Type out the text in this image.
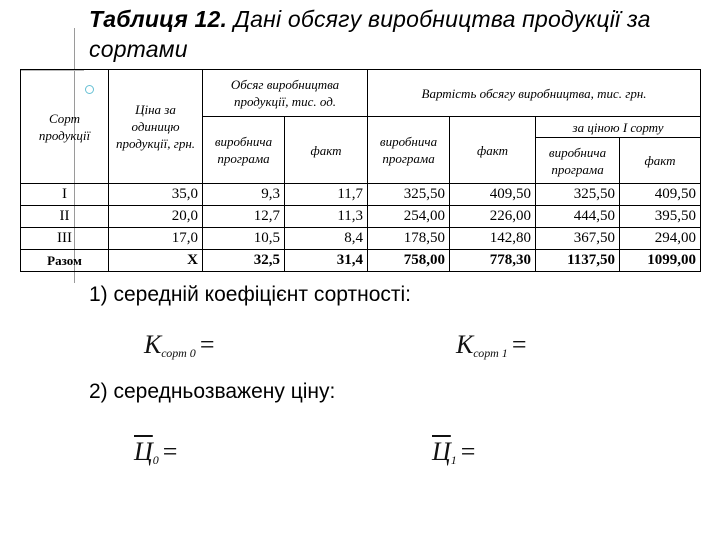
Таблиця 12. Дані обсягу виробництва продукції за сортами
Сорт продукції	Ціна за одиницю продукції, грн.	Обсяг виробництва продукції, тис. од.		Вартість обсягу виробництва, тис. грн.			
		виробнича програма	факт	виробнича програма	факт	за ціною I сорту	
						виробнича програма	факт
I	35,0	9,3	11,7	325,50	409,50	325,50	409,50
II	20,0	12,7	11,3	254,00	226,00	444,50	395,50
III	17,0	10,5	8,4	178,50	142,80	367,50	294,00
Разом	Х	32,5	31,4	758,00	778,30	1137,50	1099,00
1) середній коефіцієнт сортності:
$К_{сорт 0}$ =	$К_{сорт 1}$ =
2) середньозважену ціну:
$Ц_0$ =	$Ц_1$ =
